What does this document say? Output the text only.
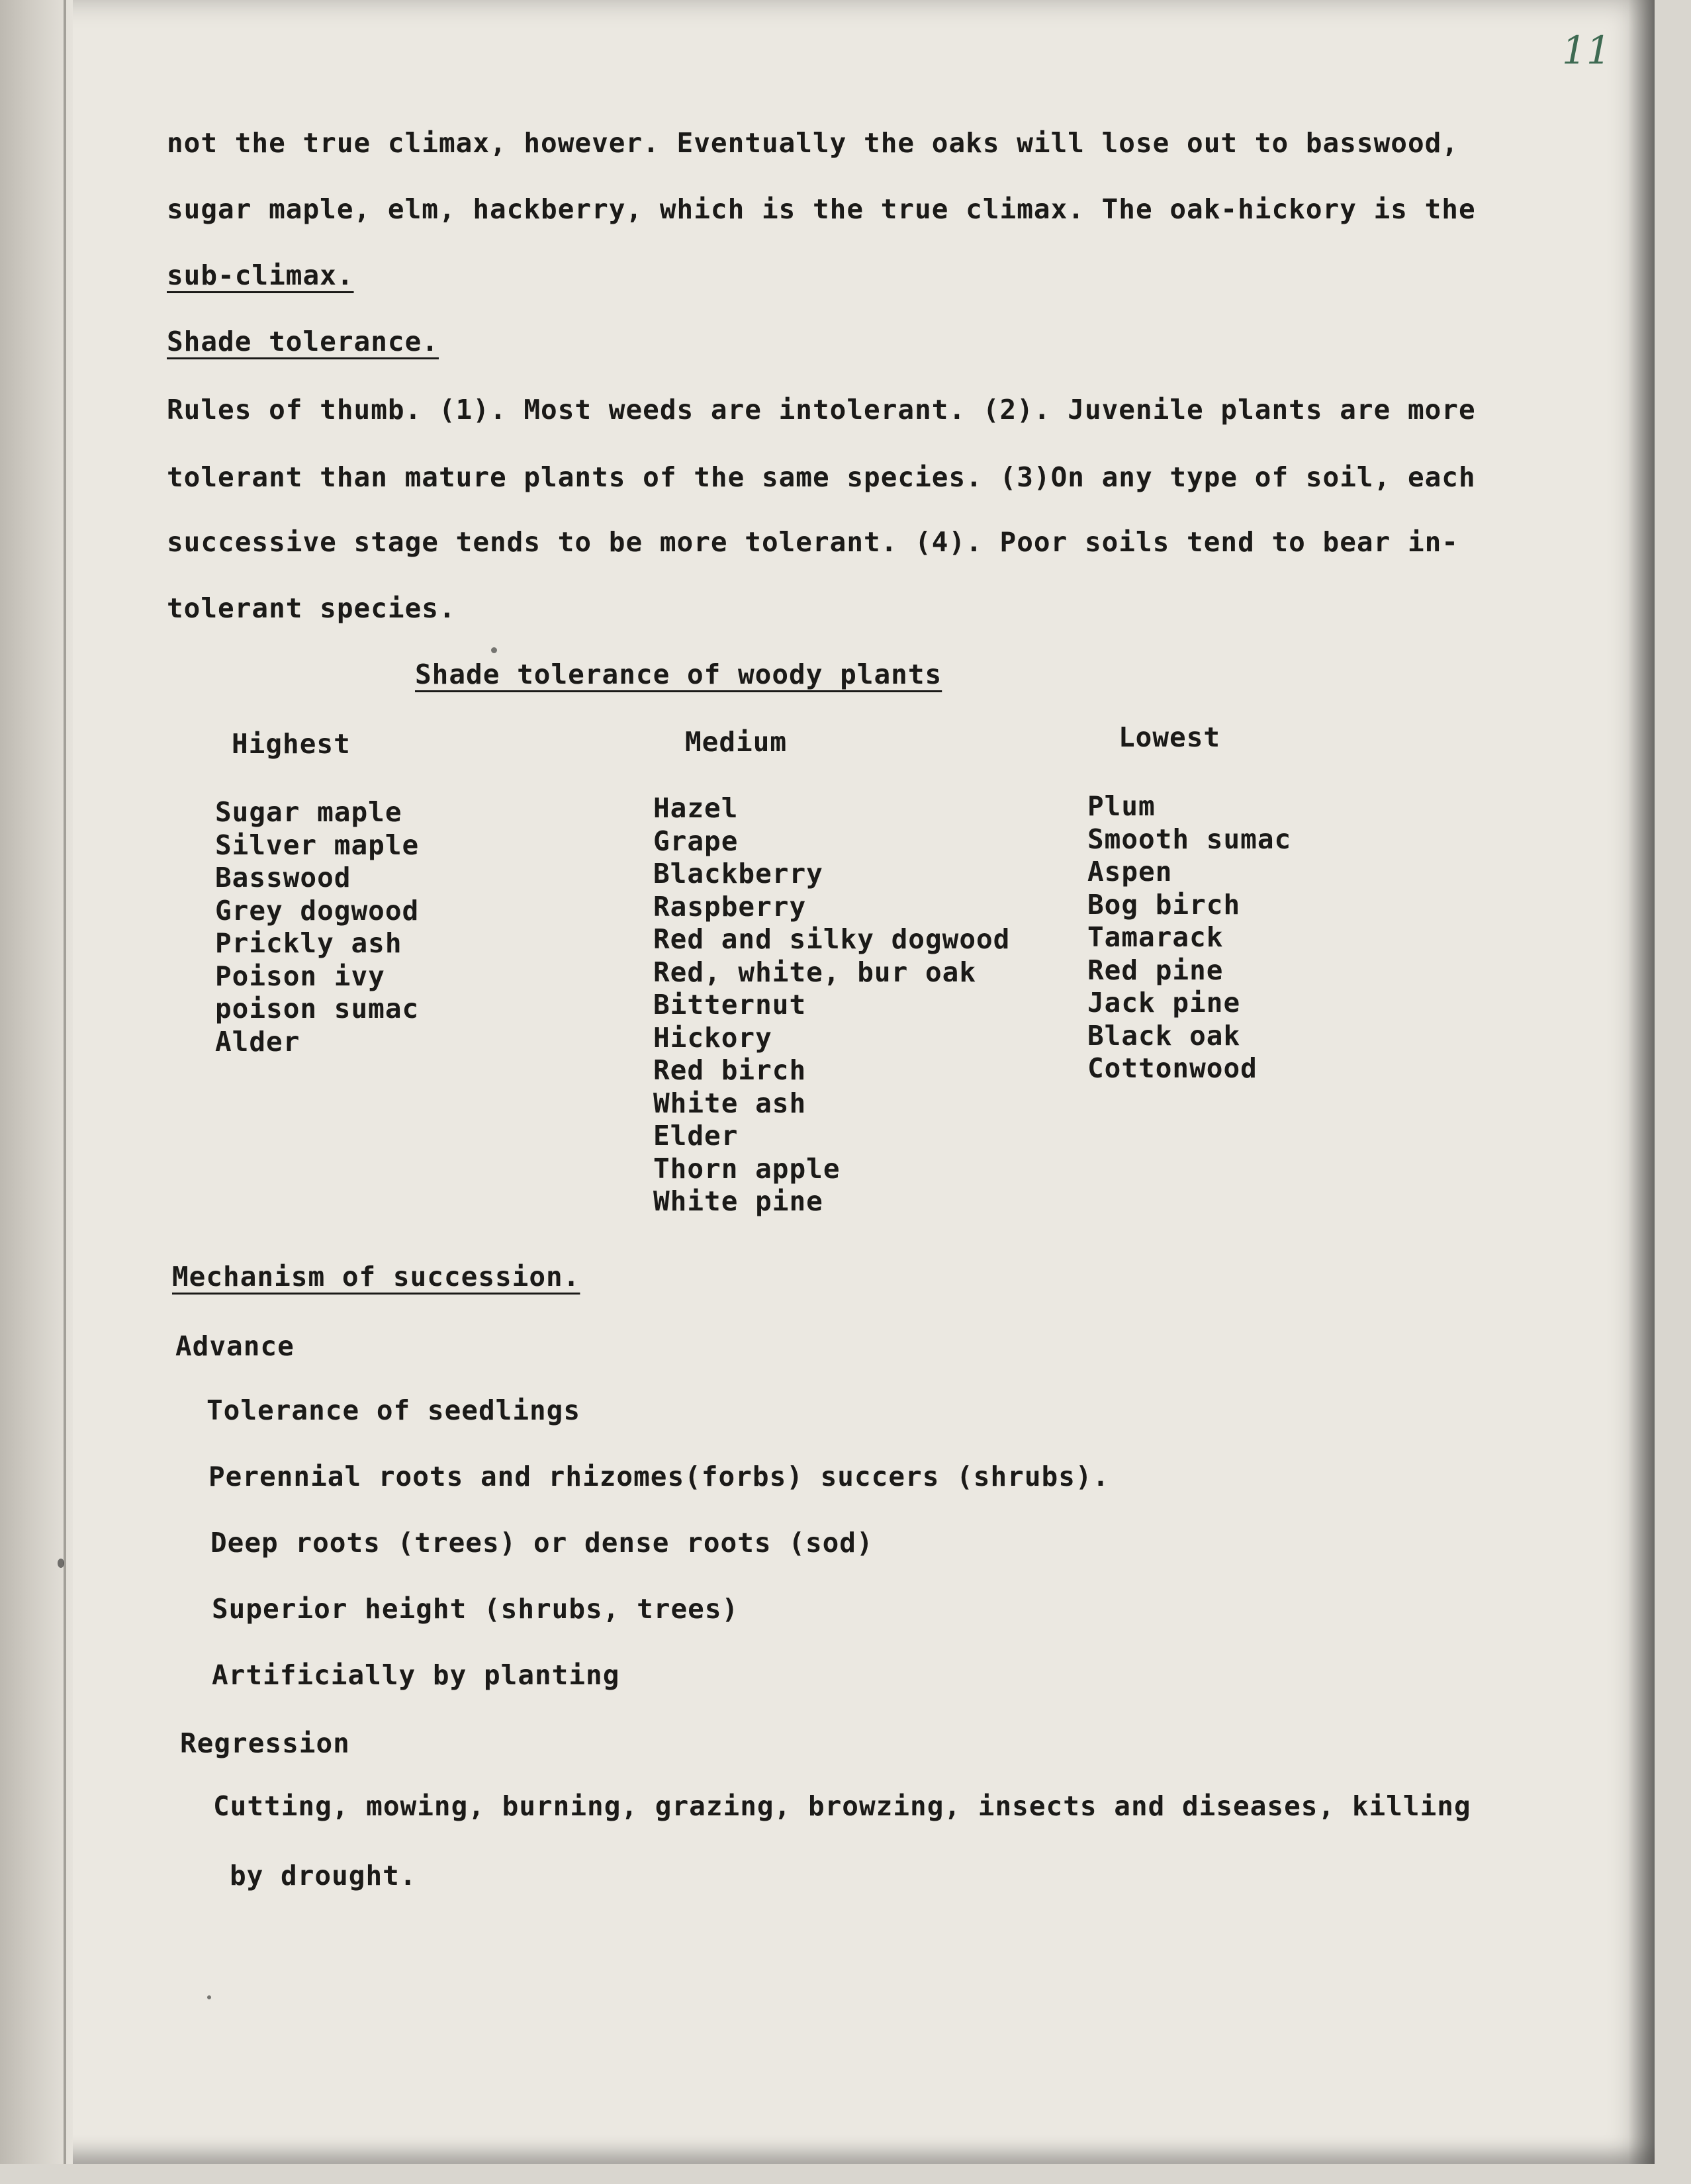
11
not the true climax, however. Eventually the oaks will lose out to basswood,
sugar maple, elm, hackberry, which is the true climax. The oak-hickory is the
sub-climax.
Shade tolerance.
Rules of thumb. (1). Most weeds are intolerant. (2). Juvenile plants are more
tolerant than mature plants of the same species. (3)On any type of soil, each
successive stage tends to be more tolerant. (4). Poor soils tend to bear in-
tolerant species.
Shade tolerance of woody plants
Highest	Medium	Lowest
Sugar maple
Silver maple
Basswood
Grey dogwood
Prickly ash
Poison ivy
poison sumac
Alder
Hazel
Grape
Blackberry
Raspberry
Red and silky dogwood
Red, white, bur oak
Bitternut
Hickory
Red birch
White ash
Elder
Thorn apple
White pine
Plum
Smooth sumac
Aspen
Bog birch
Tamarack
Red pine
Jack pine
Black oak
Cottonwood
Mechanism of succession.
Advance
Tolerance of seedlings
Perennial roots and rhizomes(forbs) succers (shrubs).
Deep roots (trees) or dense roots (sod)
Superior height (shrubs, trees)
Artificially by planting
Regression
Cutting, mowing, burning, grazing, browzing, insects and diseases, killing
by drought.
